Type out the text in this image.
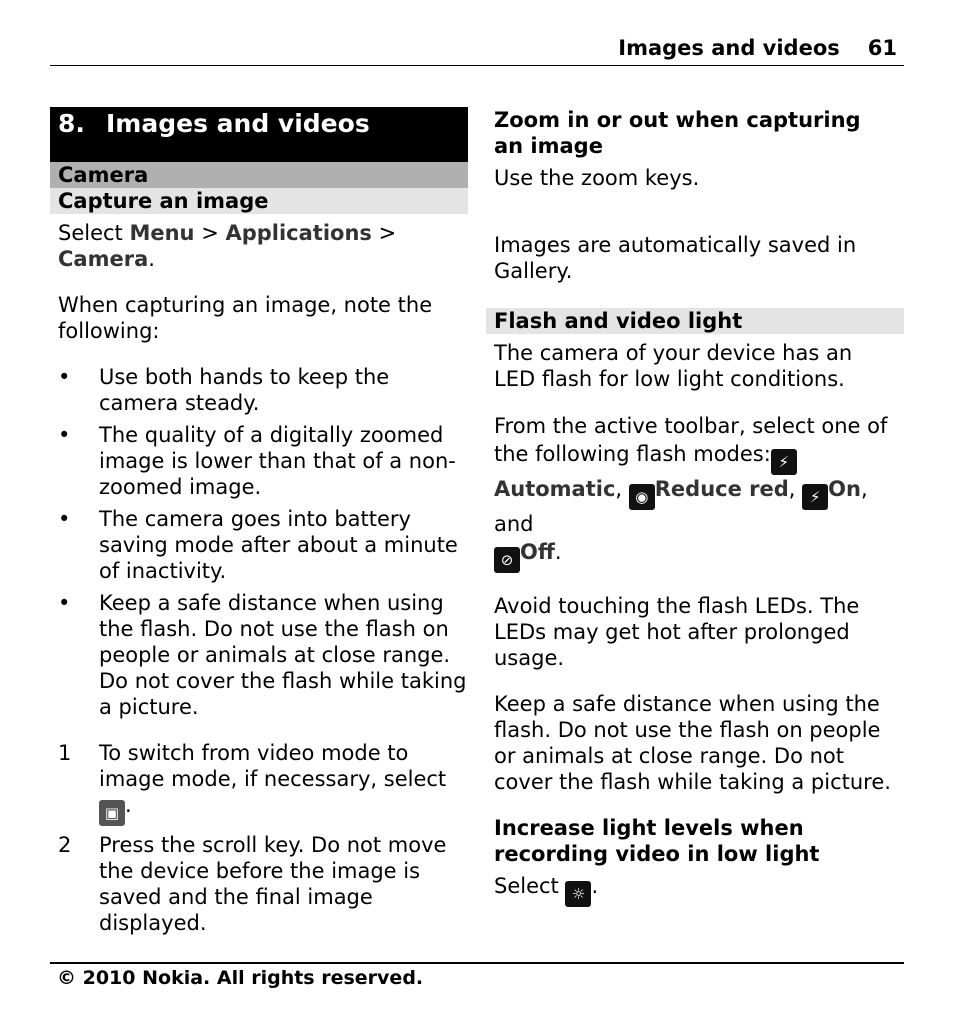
Images and videos 61
8. Images and videos
Camera
Capture an image

Select Menu > Applications > Camera.

When capturing an image, note the following:

• Use both hands to keep the camera steady.
• The quality of a digitally zoomed image is lower than that of a non-zoomed image.
• The camera goes into battery saving mode after about a minute of inactivity.
• Keep a safe distance when using the flash. Do not use the flash on people or animals at close range. Do not cover the flash while taking a picture.
1 To switch from video mode to image mode, if necessary, select
▣ .
2 Press the scroll key. Do not move the device before the image is saved and the final image displayed.

Zoom in or out when capturing an image

Use the zoom keys.

Images are automatically saved in Gallery.

Flash and video light

The camera of your device has an LED flash for low light conditions.

From the active toolbar, select one of the following flash modes: ⚡
Automatic, ◉ Reduce red, ⚡ On, and
⊘ Off.

Avoid touching the flash LEDs. The LEDs may get hot after prolonged usage.

Keep a safe distance when using the flash. Do not use the flash on people or animals at close range. Do not cover the flash while taking a picture.

Increase light levels when recording video in low light

Select ☼ .

© 2010 Nokia. All rights reserved.
